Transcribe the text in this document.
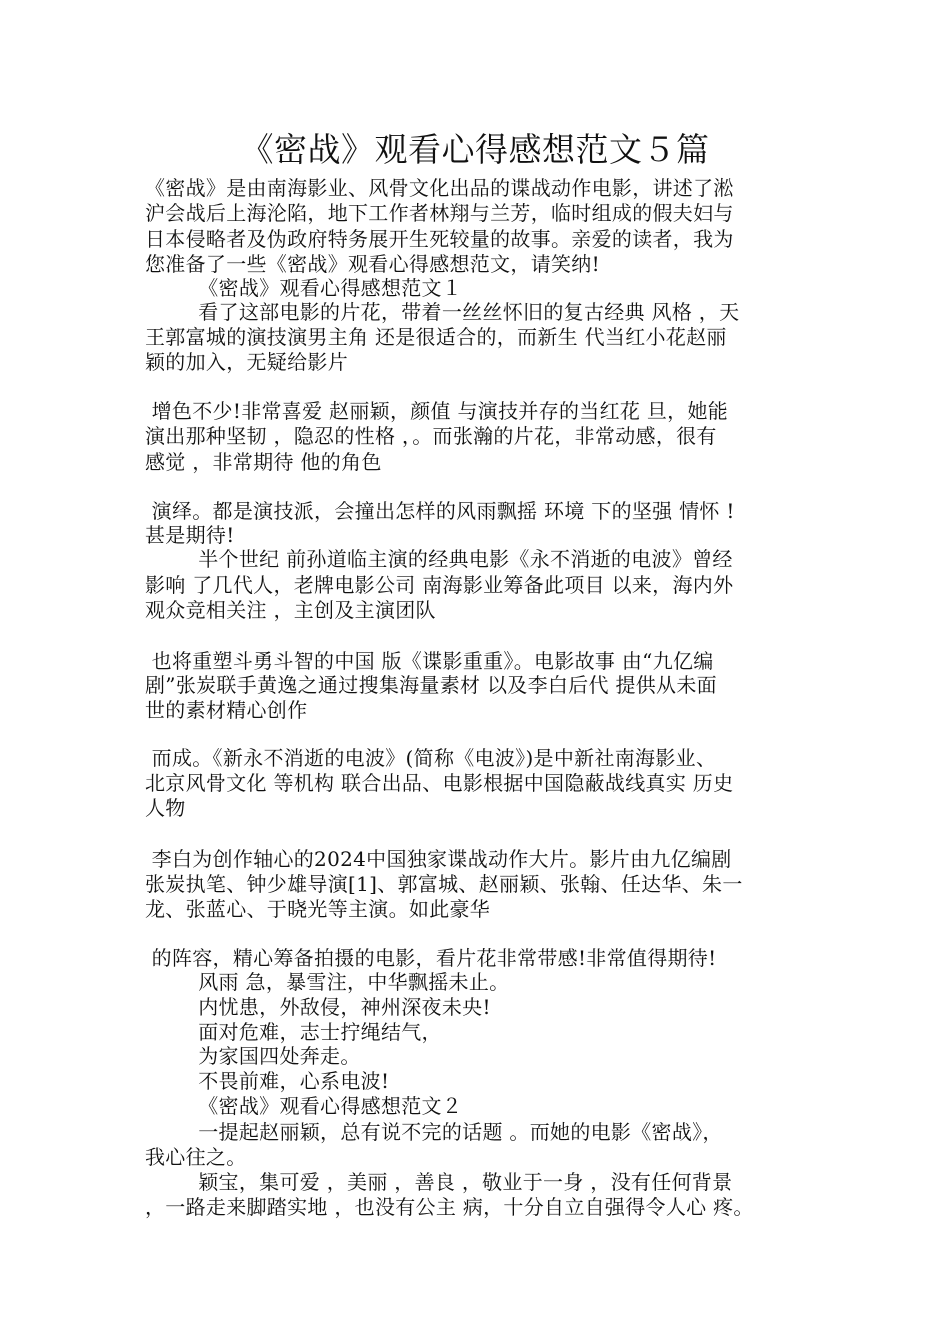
《密战》观看心得感想范文５篇
《密战》是由南海影业、风骨文化出品的谍战动作电影，讲述了淞
沪会战后上海沦陷，地下工作者林翔与兰芳，临时组成的假夫妇与
日本侵略者及伪政府特务展开生死较量的故事。亲爱的读者，我为
您准备了一些《密战》观看心得感想范文，请笑纳!
《密战》观看心得感想范文１
看了这部电影的片花，带着一丝丝怀旧的复古经典 风格 ，天
王郭富城的演技演男主角 还是很适合的，而新生 代当红小花赵丽
颖的加入，无疑给影片
增色不少!非常喜爱 赵丽颖，颜值 与演技并存的当红花 旦，她能
演出那种坚韧 ，隐忍的性格 ，。而张瀚的片花，非常动感，很有
感觉 ，非常期待 他的角色
演绎。都是演技派，会撞出怎样的风雨飘摇 环境 下的坚强 情怀 !
甚是期待!
半个世纪 前孙道临主演的经典电影《永不消逝的电波》曾经
影响 了几代人，老牌电影公司 南海影业筹备此项目 以来，海内外
观众竞相关注 ，主创及主演团队
也将重塑斗勇斗智的中国 版《谍影重重》。电影故事 由“九亿编
剧”张炭联手黄逸之通过搜集海量素材 以及李白后代 提供从未面
世的素材精心创作
而成。《新永不消逝的电波》(简称《电波》)是中新社南海影业、
北京风骨文化 等机构 联合出品、电影根据中国隐蔽战线真实 历史
人物
李白为创作轴心的2024中国独家谍战动作大片。影片由九亿编剧
张炭执笔、钟少雄导演[1]、郭富城、赵丽颖、张翰、任达华、朱一
龙、张蓝心、于晓光等主演。如此豪华
的阵容，精心筹备拍摄的电影，看片花非常带感!非常值得期待!
风雨 急，暴雪注，中华飘摇未止。
内忧患，外敌侵，神州深夜未央!
面对危难，志士拧绳结气，
为家国四处奔走。
不畏前难，心系电波!
《密战》观看心得感想范文２
一提起赵丽颖，总有说不完的话题 。而她的电影《密战》，
我心往之。
颖宝，集可爱 ，美丽 ，善良 ，敬业于一身 ，没有任何背景
，一路走来脚踏实地 ，也没有公主 病，十分自立自强得令人心 疼。
